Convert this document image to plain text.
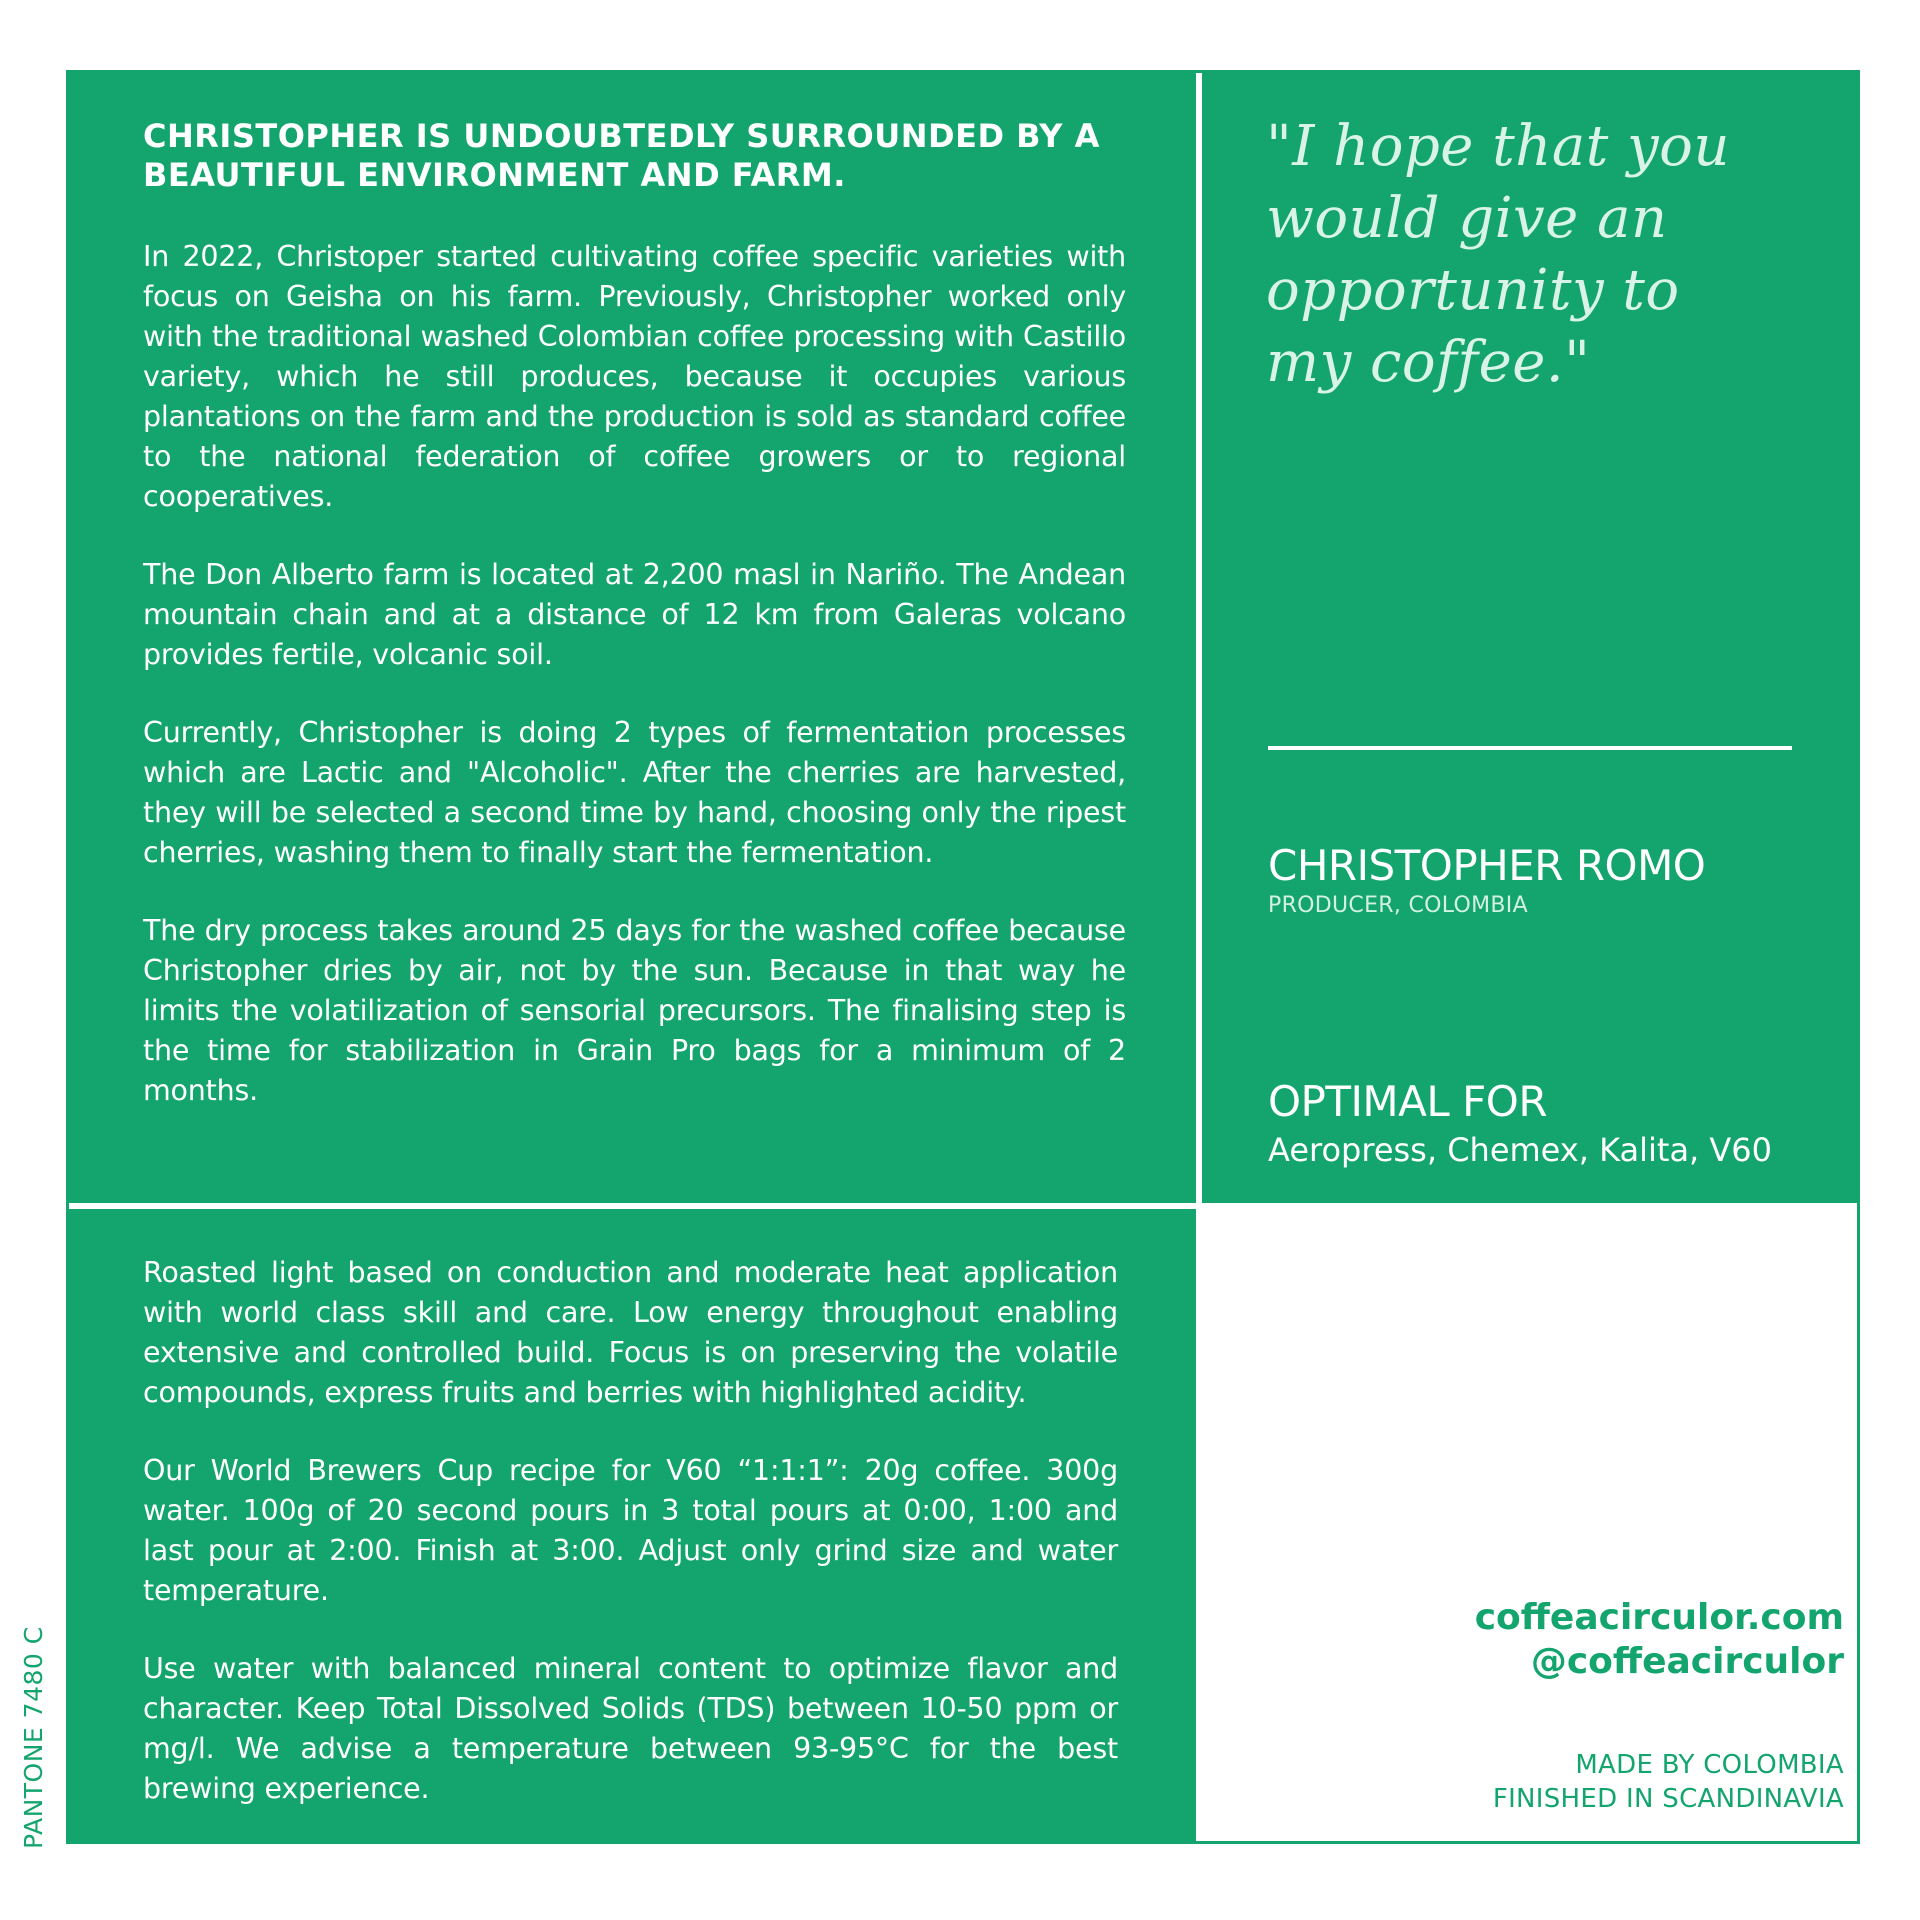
CHRISTOPHER IS UNDOUBTEDLY SURROUNDED BY A BEAUTIFUL ENVIRONMENT AND FARM.

In 2022, Christoper started cultivating coffee specific varieties with focus on Geisha on his farm. Previously, Christopher worked only with the traditional washed Colombian coffee processing with Castillo variety, which he still produces, because it occupies various plantations on the farm and the production is sold as standard coffee to the national federation of coffee growers or to regional cooperatives.

The Don Alberto farm is located at 2,200 masl in Nariño. The Andean mountain chain and at a distance of 12 km from Galeras volcano provides fertile, volcanic soil.

Currently, Christopher is doing 2 types of fermentation processes which are Lactic and "Alcoholic". After the cherries are harvested, they will be selected a second time by hand, choosing only the ripest cherries, washing them to finally start the fermentation.

The dry process takes around 25 days for the washed coffee because Christopher dries by air, not by the sun. Because in that way he limits the volatilization of sensorial precursors. The finalising step is the time for stabilization in Grain Pro bags for a minimum of 2 months.

"I hope that you would give an opportunity to my coffee."

CHRISTOPHER ROMO
PRODUCER, COLOMBIA
OPTIMAL FOR
Aeropress, Chemex, Kalita, V60

Roasted light based on conduction and moderate heat application with world class skill and care. Low energy throughout enabling extensive and controlled build. Focus is on preserving the volatile compounds, express fruits and berries with highlighted acidity.

Our World Brewers Cup recipe for V60 “1:1:1”: 20g coffee. 300g water. 100g of 20 second pours in 3 total pours at 0:00, 1:00 and last pour at 2:00. Finish at 3:00. Adjust only grind size and water temperature.

Use water with balanced mineral content to optimize flavor and character. Keep Total Dissolved Solids (TDS) between 10-50 ppm or mg/l. We advise a temperature between 93-95°C for the best brewing experience.

coffeacirculor.com
@coffeacirculor
MADE BY COLOMBIA
FINISHED IN SCANDINAVIA
PANTONE 7480 C
